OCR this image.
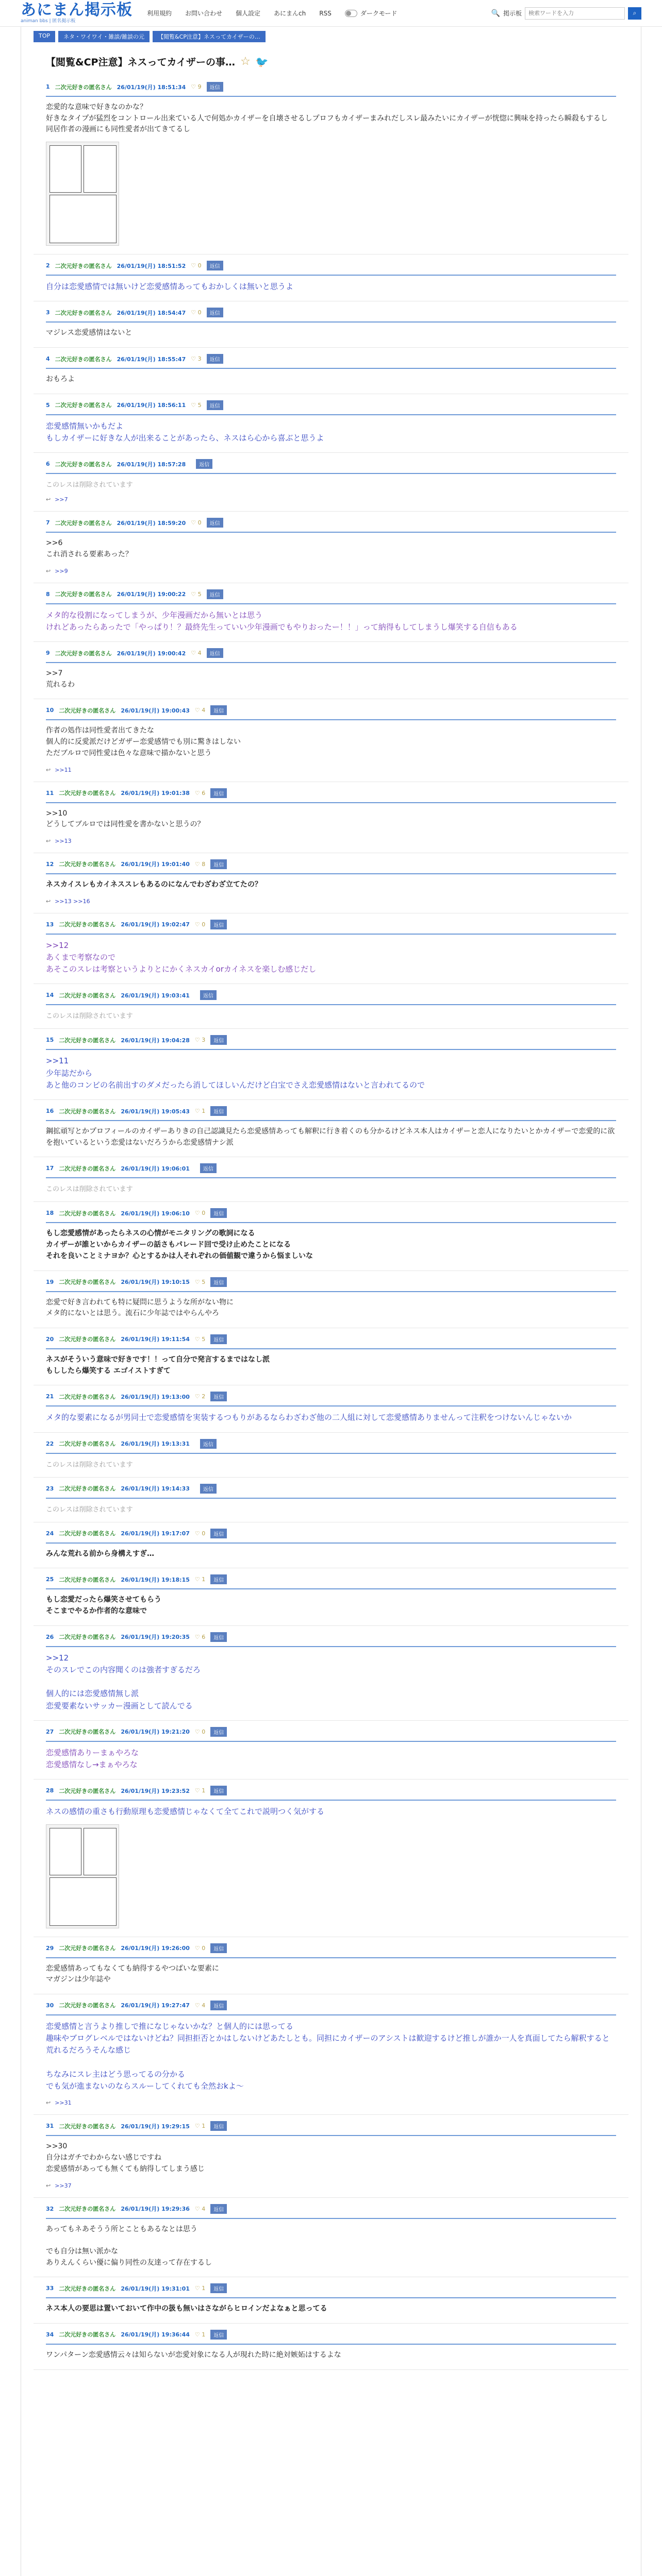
あにまん掲示板
animan bbs | 匿名掲示板
利用規約 お問い合わせ 個人設定 あにまんch RSS	ダークモード	🔍 掲示板
検索ワードを入力	⌕
TOP	ネタ・ワイワイ・雑談/雑談の元	【閲覧&CP注意】ネスってカイザーの…
【閲覧&CP注意】ネスってカイザーの事… ☆ 🐦
1 二次元好きの匿名さん 26/01/19(月) 18:51:34 ♡ 9	返信
恋愛的な意味で好きなのかな？
好きなタイプが猛烈をコントロール出来ている人で何処かカイザーを自壊させるしプロフもカイザーまみれだしスレ最みたいにカイザーが恍惚に興味を持ったら瞬殺もするし
同居作者の漫画にも同性愛者が出てきてるし
2 二次元好きの匿名さん 26/01/19(月) 18:51:52 ♡ 0	返信
自分は恋愛感情では無いけど恋愛感情あってもおかしくは無いと思うよ
3 二次元好きの匿名さん 26/01/19(月) 18:54:47 ♡ 0	返信
マジレス恋愛感情はないと
4 二次元好きの匿名さん 26/01/19(月) 18:55:47 ♡ 3	返信
おもろよ
5 二次元好きの匿名さん 26/01/19(月) 18:56:11 ♡ 5	返信
恋愛感情無いかもだよ
もしカイザーに好きな人が出来ることがあったら、ネスはら心から喜ぶと思うよ
6 二次元好きの匿名さん 26/01/19(月) 18:57:28	返信
このレスは削除されています
↩ >>7
7 二次元好きの匿名さん 26/01/19(月) 18:59:20 ♡ 0	返信
>>6
これ消される要素あった？
↩ >>9
8 二次元好きの匿名さん 26/01/19(月) 19:00:22 ♡ 5	返信
メタ的な役割になってしまうが、少年漫画だから無いとは思う
けれどあったらあったで「やっぱり！？最終先生っていい少年漫画でもやりおったー！！」って納得もしてしまうし爆笑する自信もある
9 二次元好きの匿名さん 26/01/19(月) 19:00:42 ♡ 4	返信
>>7
荒れるわ
10 二次元好きの匿名さん 26/01/19(月) 19:00:43 ♡ 4	返信
作者の処作は同性愛者出てきたな
個人的に反愛派だけどガザー恋愛感情でも別に驚きはしない
ただブルロで同性愛は色々な意味で描かないと思う
↩ >>11
11 二次元好きの匿名さん 26/01/19(月) 19:01:38 ♡ 6	返信
>>10
どうしてブルロでは同性愛を書かないと思うの？
↩ >>13
12 二次元好きの匿名さん 26/01/19(月) 19:01:40 ♡ 8	返信
ネスカイスレもカイネススレもあるのになんでわざわざ立てたの？
↩ >>13 >>16
13 二次元好きの匿名さん 26/01/19(月) 19:02:47 ♡ 0	返信
>>12
あくまで考察なので
あそこのスレは考察というよりとにかくネスカイorカイネスを楽しむ感じだし
14 二次元好きの匿名さん 26/01/19(月) 19:03:41	返信
このレスは削除されています
15 二次元好きの匿名さん 26/01/19(月) 19:04:28 ♡ 3	返信
>>11
少年誌だから
あと他のコンビの名前出すのダメだったら消してほしいんだけど白宝でさえ恋愛感情はないと言われてるので
16 二次元好きの匿名さん 26/01/19(月) 19:05:43 ♡ 1	返信
鋼拡頑写とかプロフィールのカイザーありきの自己認識見たら恋愛感情あっても解釈に行き着くのも分かるけどネス本人はカイザーと恋人になりたいとかカイザーで恋愛的に欲を抱いているという恋愛はないだろうから恋愛感情ナシ派
17 二次元好きの匿名さん 26/01/19(月) 19:06:01	返信
このレスは削除されています
18 二次元好きの匿名さん 26/01/19(月) 19:06:10 ♡ 0	返信
もし恋愛感情があったらネスの心情がモニタリングの歌詞になる
カイザーが誰といからカイザーの話さもパレード回で受け止めたことになる
それを良いことミナヨか？心とするかは人それぞれの価値観で違うから悩ましいな
19 二次元好きの匿名さん 26/01/19(月) 19:10:15 ♡ 5	返信
恋愛で好き言われても特に疑問に思うような所がない物に
メタ的にないとは思う。流石に少年誌ではやらんやろ
20 二次元好きの匿名さん 26/01/19(月) 19:11:54 ♡ 5	返信
ネスがそういう意味で好きです！！って自分で発言するまではなし派
もししたら爆笑する エゴイストすぎて
21 二次元好きの匿名さん 26/01/19(月) 19:13:00 ♡ 2	返信
メタ的な要素になるが男同士で恋愛感情を実装するつもりがあるならわざわざ他の二人組に対して恋愛感情ありませんって注釈をつけないんじゃないか
22 二次元好きの匿名さん 26/01/19(月) 19:13:31	返信
このレスは削除されています
23 二次元好きの匿名さん 26/01/19(月) 19:14:33	返信
このレスは削除されています
24 二次元好きの匿名さん 26/01/19(月) 19:17:07 ♡ 0	返信
みんな荒れる前から身構えすぎ…
25 二次元好きの匿名さん 26/01/19(月) 19:18:15 ♡ 1	返信
もし恋愛だったら爆笑させてもらう
そこまでやるか作者的な意味で
26 二次元好きの匿名さん 26/01/19(月) 19:20:35 ♡ 6	返信
>>12
そのスレでこの内容聞くのは強者すぎるだろ

個人的には恋愛感情無し派
恋愛要素ないサッカー漫画として読んでる
27 二次元好きの匿名さん 26/01/19(月) 19:21:20 ♡ 0	返信
恋愛感情ありーまぁやろな
恋愛感情なし→まぁやろな
28 二次元好きの匿名さん 26/01/19(月) 19:23:52 ♡ 1	返信
ネスの感情の重さも行動原理も恋愛感情じゃなくて全てこれで説明つく気がする
29 二次元好きの匿名さん 26/01/19(月) 19:26:00 ♡ 0	返信
恋愛感情あってもなくても納得するやつばいな要素に
マガジンは少年誌や
30 二次元好きの匿名さん 26/01/19(月) 19:27:47 ♡ 4	返信
恋愛感情と言うより推しで推になじゃないかな？と個人的には思ってる
趣味やブログレベルではないけどね？同担拒否とかはしないけどあたしとも。同担にカイザーのアシストは歓迎するけど推しが誰か一人を真面してたら解釈すると荒れるだろうそんな感じ

ちなみにスレ主はどう思ってるの分かる
でも気が進まないのならスルーしてくれても全然おkよ～
↩ >>31
31 二次元好きの匿名さん 26/01/19(月) 19:29:15 ♡ 1	返信
>>30
自分はガチでわからない感じですね
恋愛感情があっても無くても納得してしまう感じ
↩ >>37
32 二次元好きの匿名さん 26/01/19(月) 19:29:36 ♡ 4	返信
あってもネあそうう所とこともあるなとは思う

でも自分は無い派かな
ありえんくらい優に偏り同性の友達って存在するし
33 二次元好きの匿名さん 26/01/19(月) 19:31:01 ♡ 1	返信
ネス本人の要思は置いておいて作中の扱も無いはさながらヒロインだよなぁと思ってる
34 二次元好きの匿名さん 26/01/19(月) 19:36:44 ♡ 1	返信
ワンパターン恋愛感情云々は知らないが恋愛対象になる人が現れた時に絶対嫉妬はするよな
